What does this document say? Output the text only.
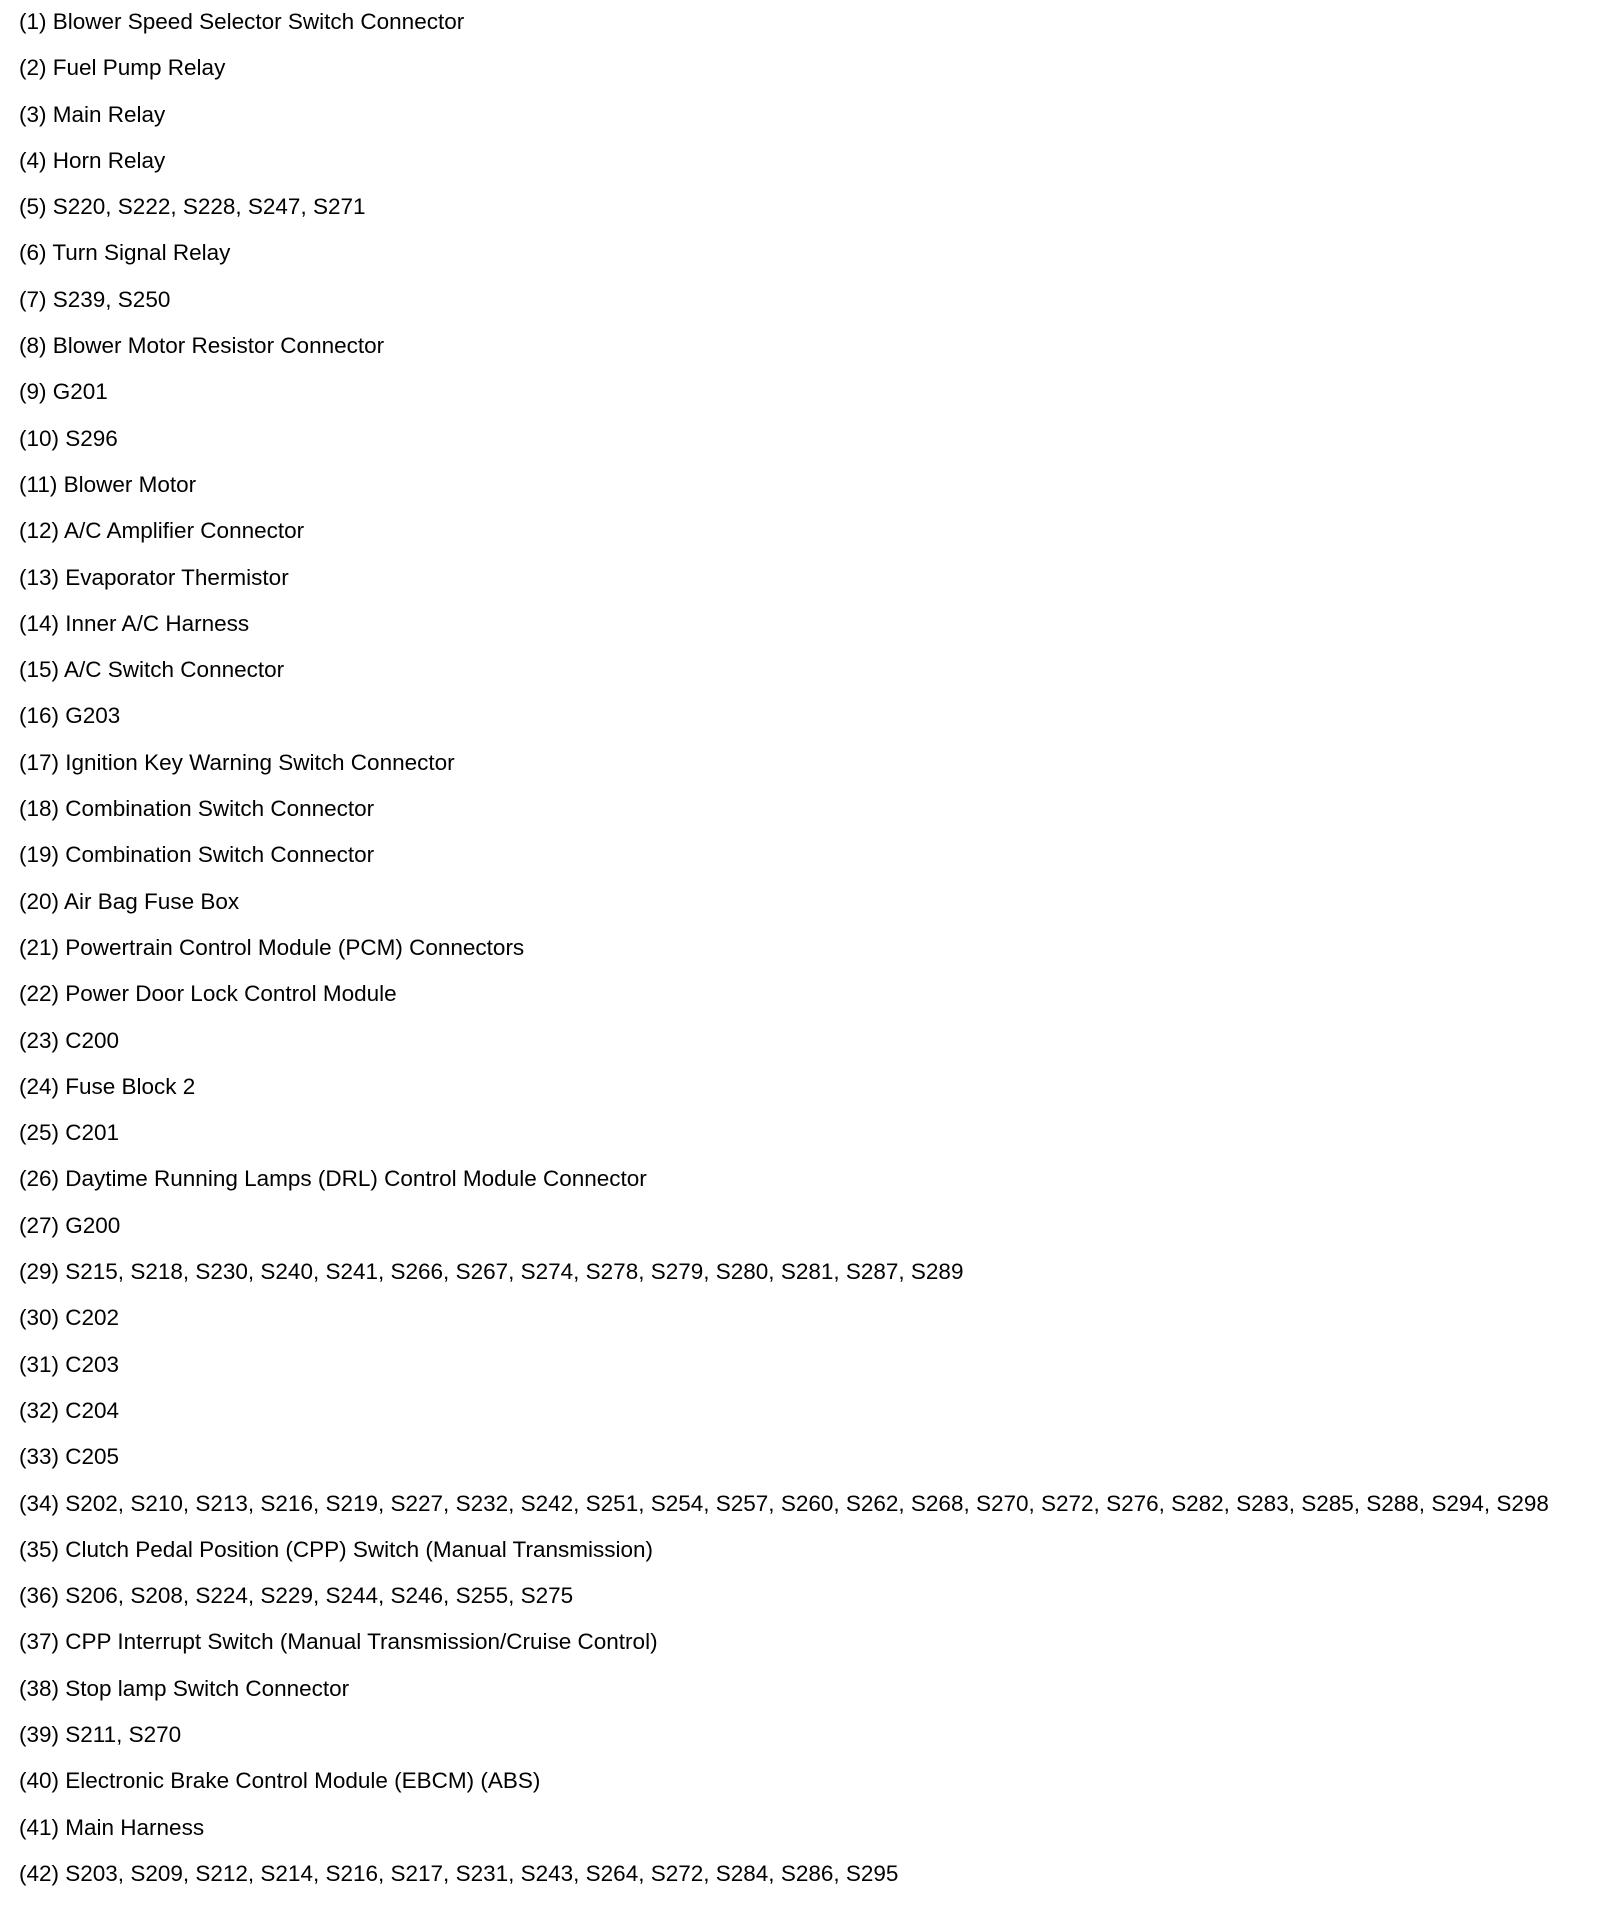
(1) Blower Speed Selector Switch Connector
(2) Fuel Pump Relay
(3) Main Relay
(4) Horn Relay
(5) S220, S222, S228, S247, S271
(6) Turn Signal Relay
(7) S239, S250
(8) Blower Motor Resistor Connector
(9) G201
(10) S296
(11) Blower Motor
(12) A/C Amplifier Connector
(13) Evaporator Thermistor
(14) Inner A/C Harness
(15) A/C Switch Connector
(16) G203
(17) Ignition Key Warning Switch Connector
(18) Combination Switch Connector
(19) Combination Switch Connector
(20) Air Bag Fuse Box
(21) Powertrain Control Module (PCM) Connectors
(22) Power Door Lock Control Module
(23) C200
(24) Fuse Block 2
(25) C201
(26) Daytime Running Lamps (DRL) Control Module Connector
(27) G200
(29) S215, S218, S230, S240, S241, S266, S267, S274, S278, S279, S280, S281, S287, S289
(30) C202
(31) C203
(32) C204
(33) C205
(34) S202, S210, S213, S216, S219, S227, S232, S242, S251, S254, S257, S260, S262, S268, S270, S272, S276, S282, S283, S285, S288, S294, S298
(35) Clutch Pedal Position (CPP) Switch (Manual Transmission)
(36) S206, S208, S224, S229, S244, S246, S255, S275
(37) CPP Interrupt Switch (Manual Transmission/Cruise Control)
(38) Stop lamp Switch Connector
(39) S211, S270
(40) Electronic Brake Control Module (EBCM) (ABS)
(41) Main Harness
(42) S203, S209, S212, S214, S216, S217, S231, S243, S264, S272, S284, S286, S295
